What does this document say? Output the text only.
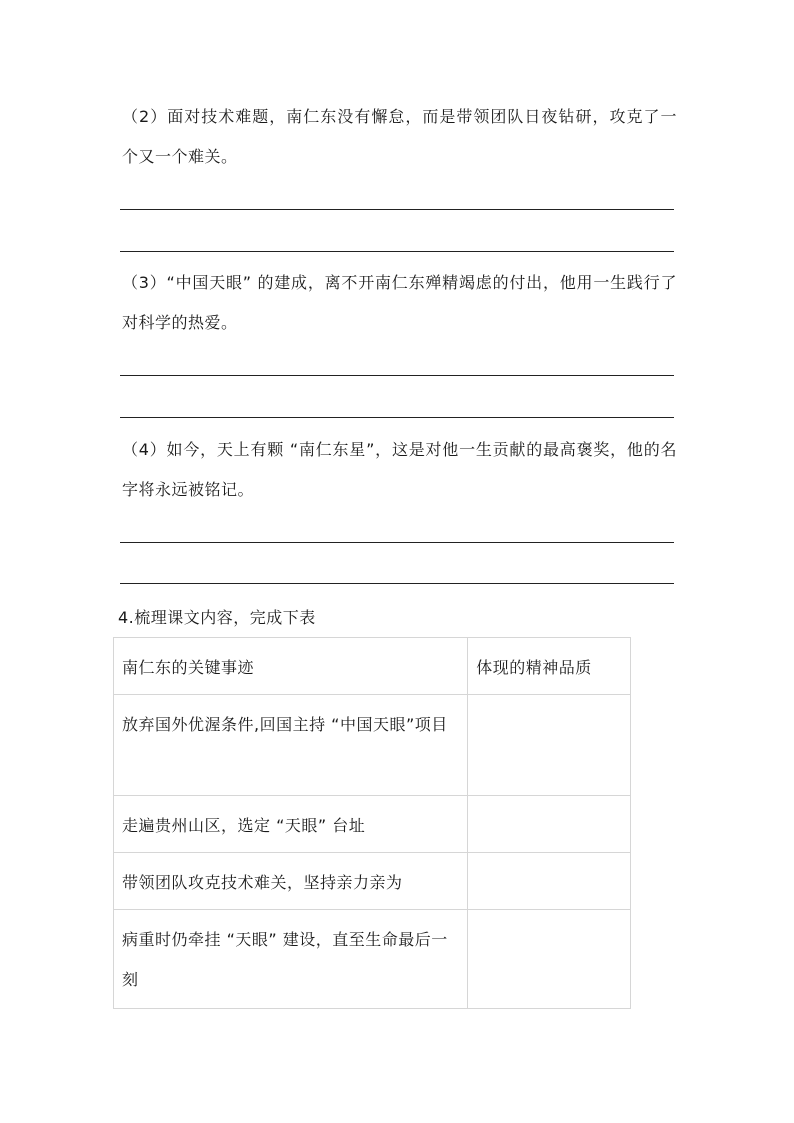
（2）面对技术难题，南仁东没有懈怠，而是带领团队日夜钻研，攻克了一个又一个难关。

（3）“中国天眼” 的建成，离不开南仁东殚精竭虑的付出，他用一生践行了对科学的热爱。

（4）如今，天上有颗 “南仁东星”，这是对他一生贡献的最高褒奖，他的名字将永远被铭记。

4.梳理课文内容，完成下表

南仁东的关键事迹	体现的精神品质
放弃国外优渥条件,回国主持 “中国天眼”项目	
走遍贵州山区，选定 “天眼” 台址	
带领团队攻克技术难关，坚持亲力亲为	
病重时仍牵挂 “天眼” 建设，直至生命最后一刻	
